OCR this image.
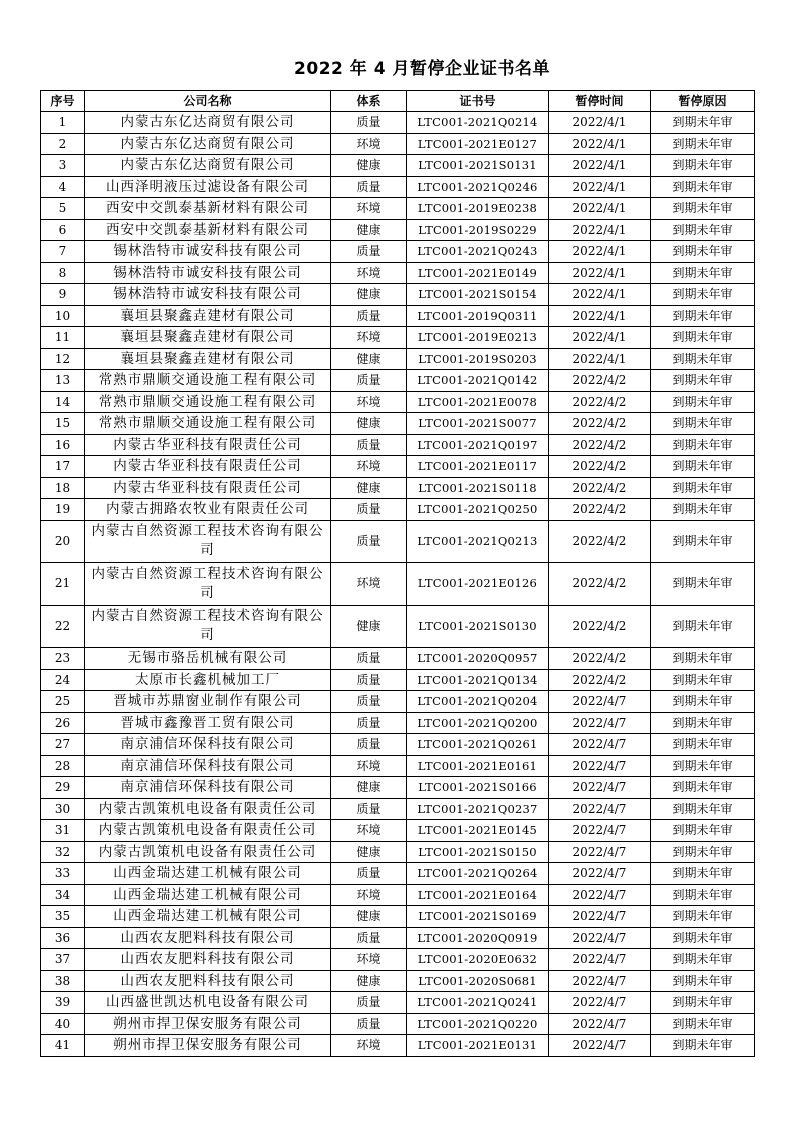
2022 年 4 月暂停企业证书名单
序号	公司名称	体系	证书号	暂停时间	暂停原因
1	内蒙古东亿达商贸有限公司	质量	LTC001-2021Q0214	2022/4/1	到期未年审
2	内蒙古东亿达商贸有限公司	环境	LTC001-2021E0127	2022/4/1	到期未年审
3	内蒙古东亿达商贸有限公司	健康	LTC001-2021S0131	2022/4/1	到期未年审
4	山西泽明液压过滤设备有限公司	质量	LTC001-2021Q0246	2022/4/1	到期未年审
5	西安中交凯泰基新材料有限公司	环境	LTC001-2019E0238	2022/4/1	到期未年审
6	西安中交凯泰基新材料有限公司	健康	LTC001-2019S0229	2022/4/1	到期未年审
7	锡林浩特市诚安科技有限公司	质量	LTC001-2021Q0243	2022/4/1	到期未年审
8	锡林浩特市诚安科技有限公司	环境	LTC001-2021E0149	2022/4/1	到期未年审
9	锡林浩特市诚安科技有限公司	健康	LTC001-2021S0154	2022/4/1	到期未年审
10	襄垣县聚鑫垚建材有限公司	质量	LTC001-2019Q0311	2022/4/1	到期未年审
11	襄垣县聚鑫垚建材有限公司	环境	LTC001-2019E0213	2022/4/1	到期未年审
12	襄垣县聚鑫垚建材有限公司	健康	LTC001-2019S0203	2022/4/1	到期未年审
13	常熟市鼎顺交通设施工程有限公司	质量	LTC001-2021Q0142	2022/4/2	到期未年审
14	常熟市鼎顺交通设施工程有限公司	环境	LTC001-2021E0078	2022/4/2	到期未年审
15	常熟市鼎顺交通设施工程有限公司	健康	LTC001-2021S0077	2022/4/2	到期未年审
16	内蒙古华亚科技有限责任公司	质量	LTC001-2021Q0197	2022/4/2	到期未年审
17	内蒙古华亚科技有限责任公司	环境	LTC001-2021E0117	2022/4/2	到期未年审
18	内蒙古华亚科技有限责任公司	健康	LTC001-2021S0118	2022/4/2	到期未年审
19	内蒙古拥路农牧业有限责任公司	质量	LTC001-2021Q0250	2022/4/2	到期未年审
20	内蒙古自然资源工程技术咨询有限公司	质量	LTC001-2021Q0213	2022/4/2	到期未年审
21	内蒙古自然资源工程技术咨询有限公司	环境	LTC001-2021E0126	2022/4/2	到期未年审
22	内蒙古自然资源工程技术咨询有限公司	健康	LTC001-2021S0130	2022/4/2	到期未年审
23	无锡市骆岳机械有限公司	质量	LTC001-2020Q0957	2022/4/2	到期未年审
24	太原市长鑫机械加工厂	质量	LTC001-2021Q0134	2022/4/2	到期未年审
25	晋城市苏鼎窗业制作有限公司	质量	LTC001-2021Q0204	2022/4/7	到期未年审
26	晋城市鑫豫晋工贸有限公司	质量	LTC001-2021Q0200	2022/4/7	到期未年审
27	南京浦信环保科技有限公司	质量	LTC001-2021Q0261	2022/4/7	到期未年审
28	南京浦信环保科技有限公司	环境	LTC001-2021E0161	2022/4/7	到期未年审
29	南京浦信环保科技有限公司	健康	LTC001-2021S0166	2022/4/7	到期未年审
30	内蒙古凯策机电设备有限责任公司	质量	LTC001-2021Q0237	2022/4/7	到期未年审
31	内蒙古凯策机电设备有限责任公司	环境	LTC001-2021E0145	2022/4/7	到期未年审
32	内蒙古凯策机电设备有限责任公司	健康	LTC001-2021S0150	2022/4/7	到期未年审
33	山西金瑞达建工机械有限公司	质量	LTC001-2021Q0264	2022/4/7	到期未年审
34	山西金瑞达建工机械有限公司	环境	LTC001-2021E0164	2022/4/7	到期未年审
35	山西金瑞达建工机械有限公司	健康	LTC001-2021S0169	2022/4/7	到期未年审
36	山西农友肥料科技有限公司	质量	LTC001-2020Q0919	2022/4/7	到期未年审
37	山西农友肥料科技有限公司	环境	LTC001-2020E0632	2022/4/7	到期未年审
38	山西农友肥料科技有限公司	健康	LTC001-2020S0681	2022/4/7	到期未年审
39	山西盛世凯达机电设备有限公司	质量	LTC001-2021Q0241	2022/4/7	到期未年审
40	朔州市捍卫保安服务有限公司	质量	LTC001-2021Q0220	2022/4/7	到期未年审
41	朔州市捍卫保安服务有限公司	环境	LTC001-2021E0131	2022/4/7	到期未年审
